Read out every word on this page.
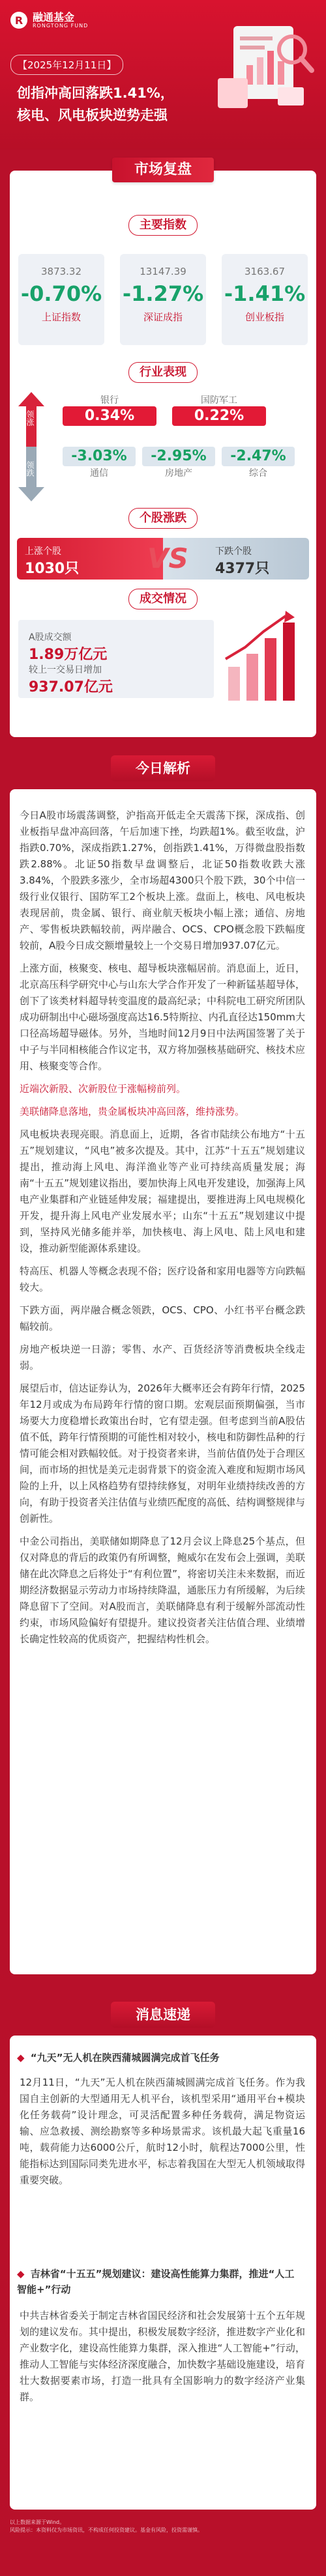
R 融通基金
RONGTONG FUND
【2025年12月11日】
创指冲高回落跌1.41%，
核电、风电板块逆势走强
市场复盘
主要指数
3873.32
-0.70%
上证指数
13147.39
-1.27%
深证成指
3163.67
-1.41%
创业板指
行业表现
领涨
领跌
银行
0.34%
国防军工
0.22%
-3.03%
通信
-2.95%
房地产
-2.47%
综合
个股涨跌
上涨个股
1030只
下跌个股
4377只
VS
成交情况
A股成交额
1.89万亿元
较上一交易日增加
937.07亿元
今日解析

今日A股市场震荡调整，沪指高开低走全天震荡下探，深成指、创业板指早盘冲高回落，午后加速下挫，均跌超1%。截至收盘，沪指跌0.70%，深成指跌1.27%，创指跌1.41%，万得微盘股指数跌2.88%。北证50指数早盘调整后，北证50指数收跌大涨3.84%，个股跌多涨少，全市场超4300只个股下跌，30个中信一级行业仅银行、国防军工2个板块上涨。盘面上，核电、风电板块表现居前，贵金属、银行、商业航天板块小幅上涨；通信、房地产、零售板块跌幅较前，两岸融合、OCS、CPO概念股下跌幅度较前，A股今日成交额增量较上一个交易日增加937.07亿元。

上涨方面，核聚变、核电、超导板块涨幅居前。消息面上，近日，北京高压科学研究中心与山东大学合作开发了一种新锰基超导体，创下了该类材料超导转变温度的最高纪录；中科院电工研究所团队成功研制出中心磁场强度高达16.5特斯拉、内孔直径达150mm大口径高场超导磁体。另外，当地时间12月9日中法两国签署了关于中子与半同相核能合作议定书，双方将加强核基础研究、核技术应用、核聚变等合作。

近端次新股、次新股位于涨幅榜前列。

美联储降息落地，贵金属板块冲高回落，维持涨势。

风电板块表现亮眼。消息面上，近期，各省市陆续公布地方“十五五”规划建议，“风电”被多次提及。其中，江苏“十五五”规划建议提出，推动海上风电、海洋渔业等产业可持续高质量发展；海南“十五五”规划建议指出，要加快海上风电开发建设，加强海上风电产业集群和产业链延伸发展；福建提出，要推进海上风电规模化开发，提升海上风电产业发展水平；山东“十五五”规划建议中提到，坚持风光储多能并举，加快核电、海上风电、陆上风电和建设，推动新型能源体系建设。

特高压、机器人等概念表现不俗；医疗设备和家用电器等方向跌幅较大。

下跌方面，两岸融合概念领跌，OCS、CPO、小红书平台概念跌幅较前。

房地产板块逆一日游；零售、水产、百货经济等消费板块全线走弱。

展望后市，信达证券认为，2026年大概率还会有跨年行情，2025年12月或成为布局跨年行情的窗口期。宏观层面预期偏强，当市场要大力度稳增长政策出台时，它有望走强。但考虑到当前A股估值不低，跨年行情预期的可能性相对较小，核电和防御性品种的行情可能会相对跌幅较低。对于投资者来讲，当前估值仍处于合理区间，而市场的担忧是美元走弱背景下的资金流入难度和短期市场风险的上升，以上风格趋势有望持续修复，对明年业绩持续改善的方向，有助于投资者关注估值与业绩匹配度的高低、结构调整规律与创新性。

中金公司指出，美联储如期降息了12月会议上降息25个基点，但仅对降息的背后的政策仍有所调整，鲍威尔在发布会上强调，美联储在此次降息之后将处于“有利位置”，将密切关注未来数据，而近期经济数据显示劳动力市场持续降温，通胀压力有所缓解，为后续降息留下了空间。对A股而言，美联储降息有利于缓解外部流动性约束，市场风险偏好有望提升。建议投资者关注估值合理、业绩增长确定性较高的优质资产，把握结构性机会。

消息速递
◆ “九天”无人机在陕西蒲城圆满完成首飞任务
12月11日，“九天”无人机在陕西蒲城圆满完成首飞任务。作为我国自主创新的大型通用无人机平台，该机型采用“通用平台+模块化任务载荷”设计理念，可灵活配置多种任务载荷，满足物资运输、应急救援、测绘勘察等多种场景需求。该机最大起飞重量16吨，载荷能力达6000公斤，航时12小时，航程达7000公里，性能指标达到国际同类先进水平，标志着我国在大型无人机领域取得重要突破。
◆ 吉林省“十五五”规划建议：建设高性能算力集群，推进“人工智能+”行动
中共吉林省委关于制定吉林省国民经济和社会发展第十五个五年规划的建议发布。其中提出，积极发展数字经济，推进数字产业化和产业数字化，建设高性能算力集群，深入推进“人工智能+”行动，推动人工智能与实体经济深度融合，加快数字基础设施建设，培育壮大数据要素市场，打造一批具有全国影响力的数字经济产业集群。
以上数据来源于Wind。
风险提示：本资料仅为市场资讯，不构成任何投资建议。基金有风险，投资需谨慎。
